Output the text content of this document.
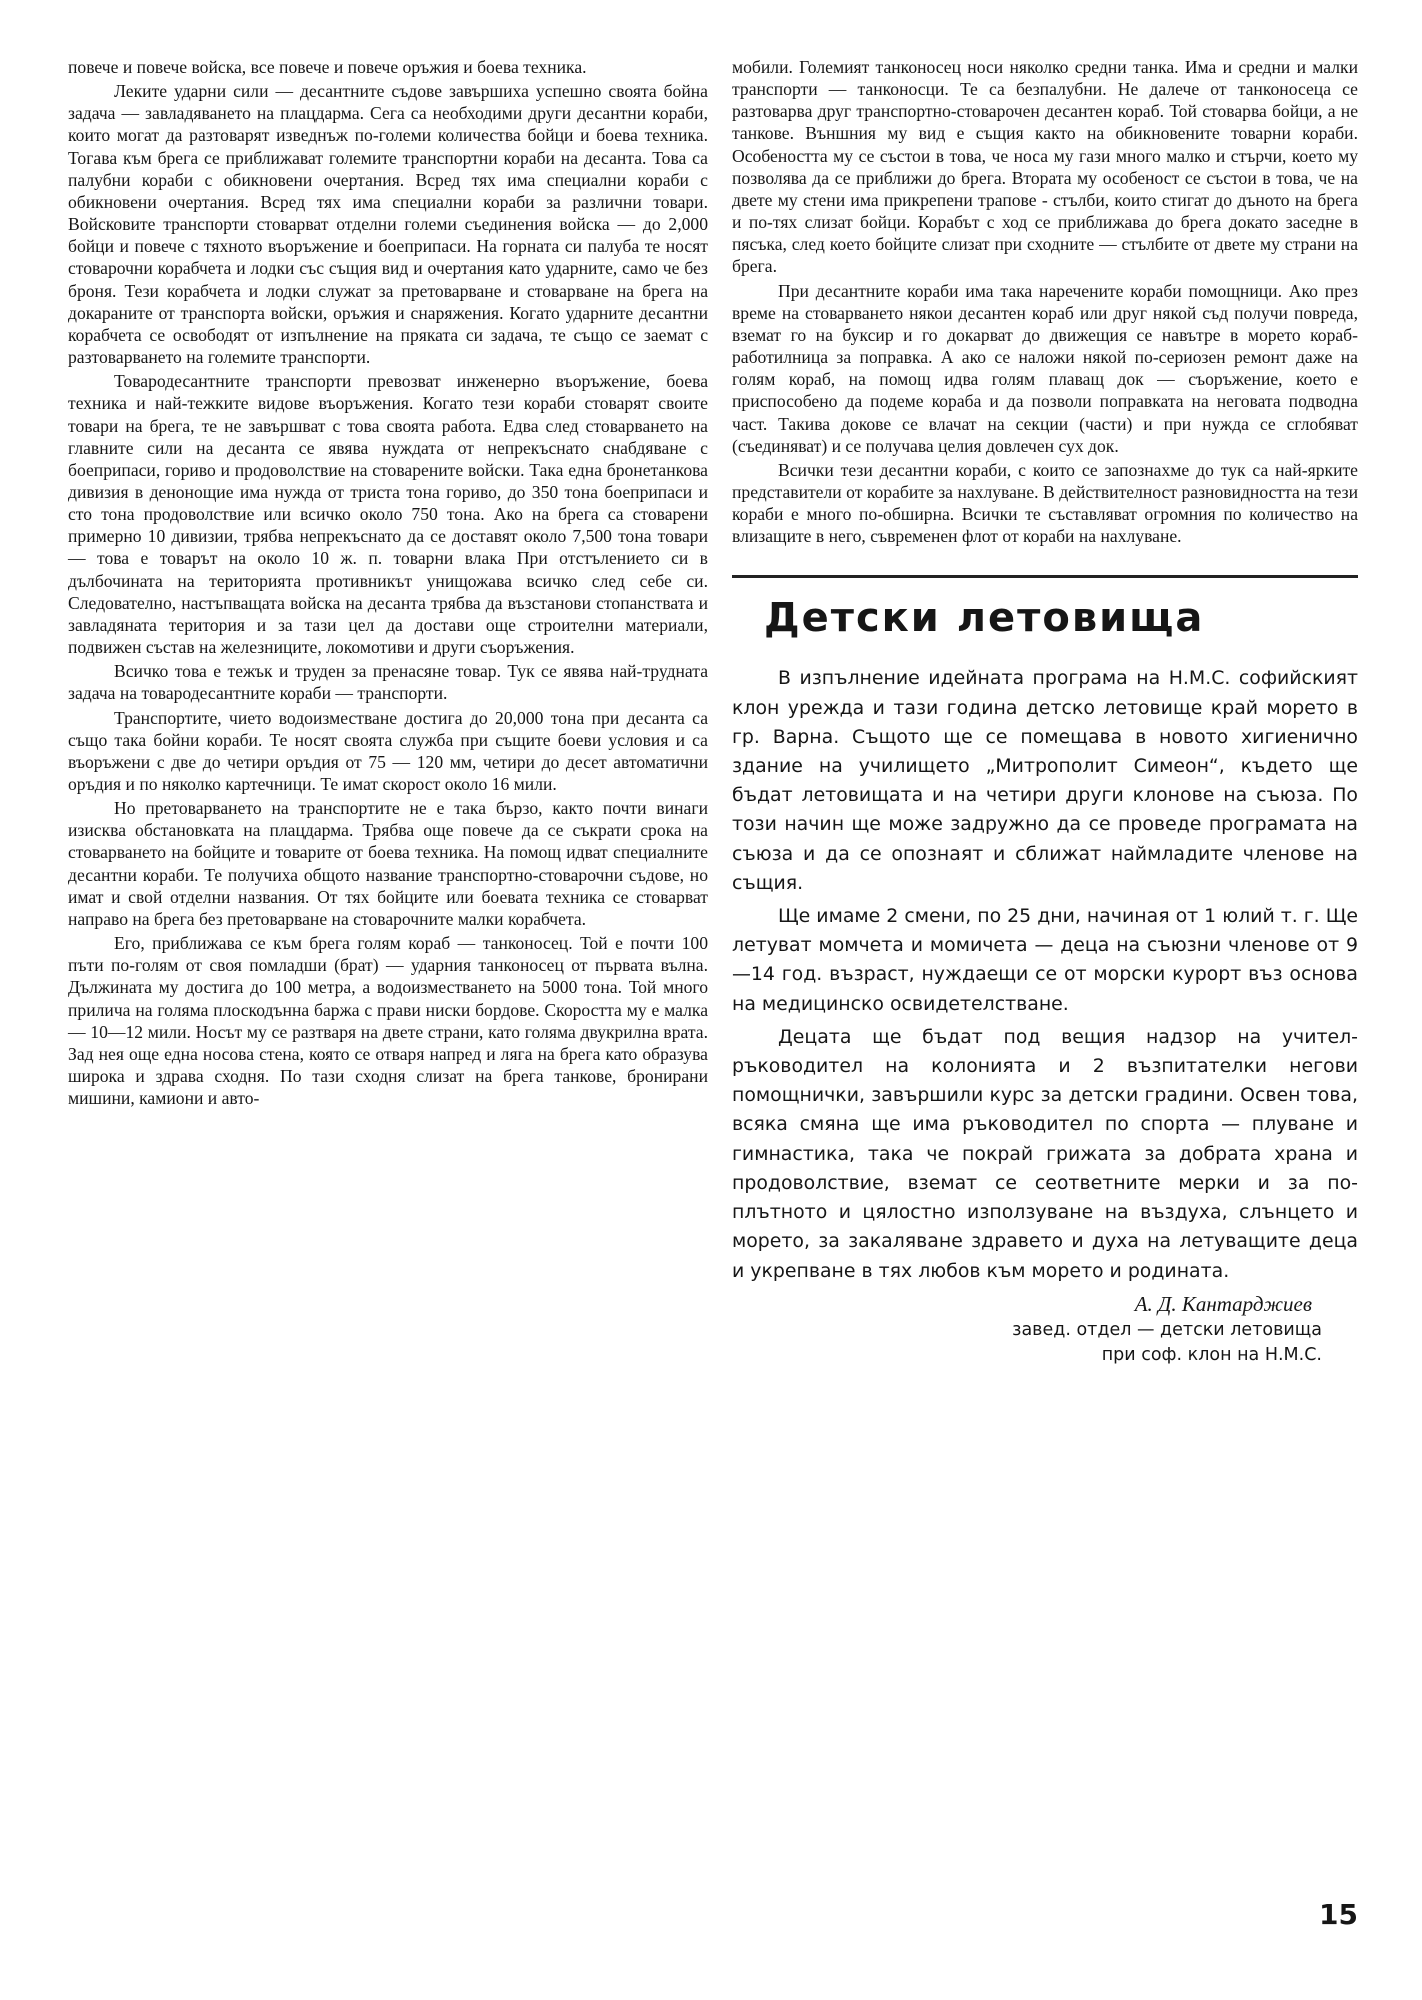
повече и повече войска, все повече и повече оръжия и боева техника.

Леките ударни сили — десантните съдове завършиха успешно своята бойна задача — завладяването на плацдарма. Сега са необходими други десантни кораби, които могат да разтоварят изведнъж по-големи количества бойци и боева техника. Тогава към брега се приближават големите транспортни кораби на десанта. Това са палубни кораби с обикновени очертания. Всред тях има специални кораби с обикновени очертания. Всред тях има специални кораби за различни товари. Войсковите транспорти стоварват отделни големи съединения войска — до 2,000 бойци и повече с тяхното въоръжение и боеприпаси. На горната си палуба те носят стоварочни корабчета и лодки със същия вид и очертания като ударните, само че без броня. Тези корабчета и лодки служат за претоварване и стоварване на брега на докараните от транспорта войски, оръжия и снаряжения. Когато ударните десантни корабчета се освободят от изпълнение на пряката си задача, те също се заемат с разтоварването на големите транспорти.

Товародесантните транспорти превозват инженерно въоръжение, боева техника и най-тежките видове въоръжения. Когато тези кораби стоварят своите товари на брега, те не завършват с това своята работа. Едва след стоварването на главните сили на десанта се явява нуждата от непрекъснато снабдяване с боеприпаси, гориво и продоволствие на стоварените войски. Така една бронетанкова дивизия в денонощие има нужда от триста тона гориво, до 350 тона боеприпаси и сто тона продоволствие или всичко около 750 тона. Ако на брега са стоварени примерно 10 дивизии, трябва непрекъснато да се доставят около 7,500 тона товари — това е товарът на около 10 ж. п. товарни влака При отстълението си в дълбочината на територията противникът унищожава всичко след себе си. Следователно, настъпващата войска на десанта трябва да възстанови стопанствата и завладяната територия и за тази цел да достави още строителни материали, подвижен състав на железниците, локомотиви и други съоръжения.

Всичко това е тежък и труден за пренасяне товар. Тук се явява най-трудната задача на товародесантните кораби — транспорти.

Транспортите, чието водоизместване достига до 20,000 тона при десанта са също така бойни кораби. Те носят своята служба при същите боеви условия и са въоръжени с две до четири оръдия от 75 — 120 мм, четири до десет автоматични оръдия и по няколко картечници. Те имат скорост около 16 мили.

Но претоварването на транспортите не е така бързо, както почти винаги изисква обстановката на плацдарма. Трябва още повече да се съкрати срока на стоварването на бойците и товарите от боева техника. На помощ идват специалните десантни кораби. Те получиха общото название транспортно-стоварочни съдове, но имат и свой отделни названия. От тях бойците или боевата техника се стоварват направо на брега без претоварване на стоварочните малки корабчета.

Его, приближава се към брега голям кораб — танконосец. Той е почти 100 пъти по-голям от своя помладши (брат) — ударния танконосец от първата вълна. Дължината му достига до 100 метра, а водоизместването на 5000 тона. Той много прилича на голяма плоскодънна баржа с прави ниски бордове. Скоростта му е малка — 10—12 мили. Носът му се разтваря на двете страни, като голяма двукрилна врата. Зад нея още една носова стена, която се отваря напред и ляга на брега като образува широка и здрава сходня. По тази сходня слизат на брега танкове, бронирани мишини, камиони и авто-

мобили. Големият танконосец носи няколко средни танка. Има и средни и малки транспорти — танконосци. Те са безпалубни. Не далече от танконосеца се разтоварва друг транспортно-стоварочен десантен кораб. Той стоварва бойци, а не танкове. Външния му вид е същия както на обикновените товарни кораби. Особеността му се състои в това, че носа му гази много малко и стърчи, което му позволява да се приближи до брега. Втората му особеност се състои в това, че на двете му стени има прикрепени трапове - стълби, които стигат до дъното на брега и по-тях слизат бойци. Корабът с ход се приближава до брега докато заседне в пясъка, след което бойците слизат при сходните — стълбите от двете му страни на брега.

При десантните кораби има така наречените кораби помощници. Ако през време на стоварването някои десантен кораб или друг някой съд получи повреда, вземат го на буксир и го докарват до движещия се навътре в морето кораб-работилница за поправка. А ако се наложи някой по-сериозен ремонт даже на голям кораб, на помощ идва голям плаващ док — съоръжение, което е приспособено да подеме кораба и да позволи поправката на неговата подводна част. Такива докове се влачат на секции (части) и при нужда се сглобяват (съединяват) и се получава целия довлечен сух док.

Всички тези десантни кораби, с които се запознахме до тук са най-ярките представители от корабите за нахлуване. В действителност разновидността на тези кораби е много по-обширна. Всички те съставляват огромния по количество на влизащите в него, съвременен флот от кораби на нахлуване.

Детски летовища

В изпълнение идейната програма на Н.М.С. софийският клон урежда и тази година детско летовище край морето в гр. Варна. Същото ще се помещава в новото хигиенично здание на училището „Митрополит Симеон“, където ще бъдат летовищата и на четири други клонове на съюза. По този начин ще може задружно да се проведе програмата на съюза и да се опознаят и сближат наймладите членове на същия.

Ще имаме 2 смени, по 25 дни, начиная от 1 юлий т. г. Ще летуват момчета и момичета — деца на съюзни членове от 9—14 год. възраст, нуждаещи се от морски курорт въз основа на медицинско освидетелстване.

Децата ще бъдат под вещия надзор на учител-ръководител на колонията и 2 възпитателки негови помощнички, завършили курс за детски градини. Освен това, всяка смяна ще има ръководител по спорта — плуване и гимнастика, така че покрай грижата за добрата храна и продоволствие, вземат се сеответните мерки и за по-плътното и цялостно използуване на въздуха, слънцето и морето, за закаляване здравето и духа на летуващите деца и укрепване в тях любов към морето и родината.

А. Д. Кантарджиев
завед. отдел — детски летовища
при соф. клон на Н.М.С.
15
